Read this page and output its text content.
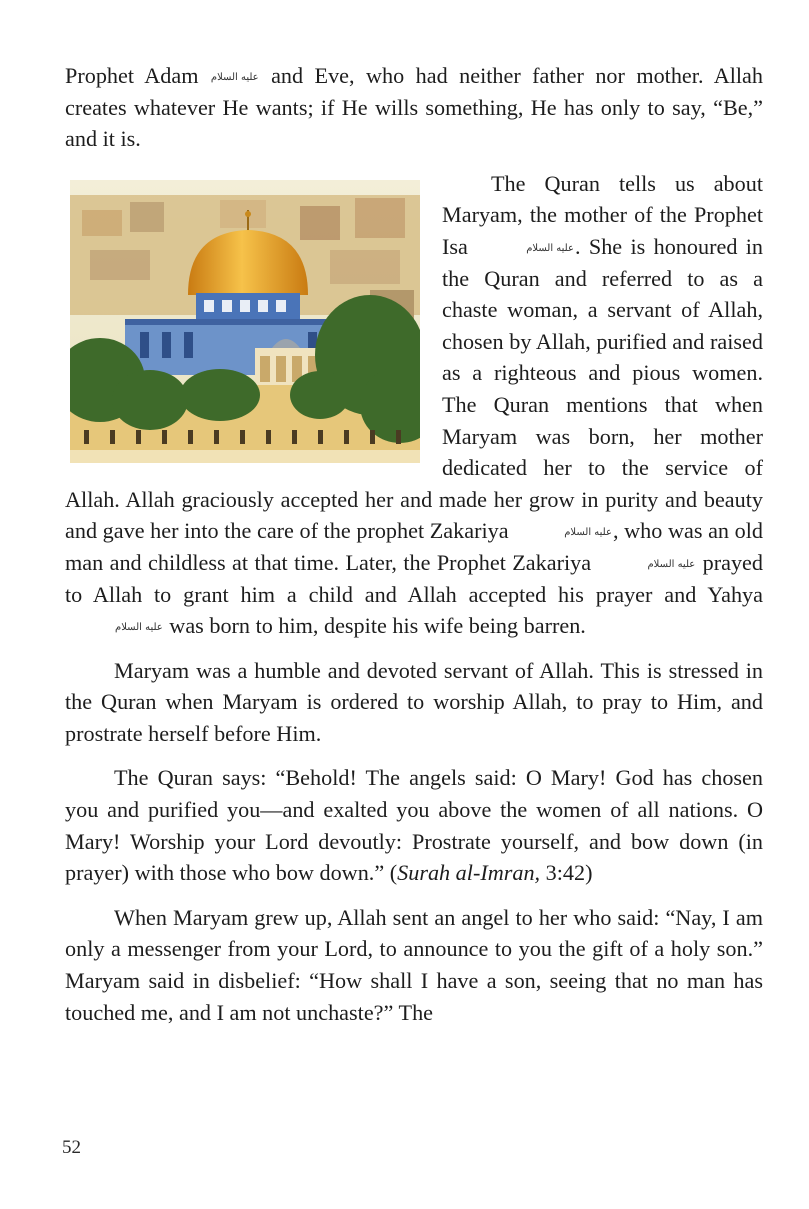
Prophet Adam عليه السلام and Eve, who had neither father nor mother. Allah creates whatever He wants; if He wills something, He has only to say, “Be,” and it is.

The Quran tells us about Maryam, the mother of the Prophet Isa	عليه السلام. She is honoured in the Quran and referred to as a chaste woman, a servant of Allah, chosen by Allah, purified and raised as a righteous and pious women. The Quran mentions that when Maryam was born, her mother dedicated her to the service of Allah. Allah graciously accepted her and made her grow in purity and beauty and gave her into the care of the prophet Zakariya	عليه السلام, who was an old man and childless at that time. Later, the Prophet Zakariya	عليه السلام prayed to Allah to grant him a child and Allah accepted his prayer and Yahya عليه السلام was born to him, despite his wife being barren.

Maryam was a humble and devoted servant of Allah. This is stressed in the Quran when Maryam is ordered to worship Allah, to pray to Him, and prostrate herself before Him.

The Quran says: “Behold! The angels said: O Mary! God has chosen you and purified you—and exalted you above the women of all nations. O Mary! Worship your Lord devoutly: Prostrate yourself, and bow down (in prayer) with those who bow down.” (Surah al-Imran, 3:42)

When Maryam grew up, Allah sent an angel to her who said: “Nay, I am only a messenger from your Lord, to announce to you the gift of a holy son.” Maryam said in disbelief: “How shall I have a son, seeing that no man has touched me, and I am not unchaste?” The

52
